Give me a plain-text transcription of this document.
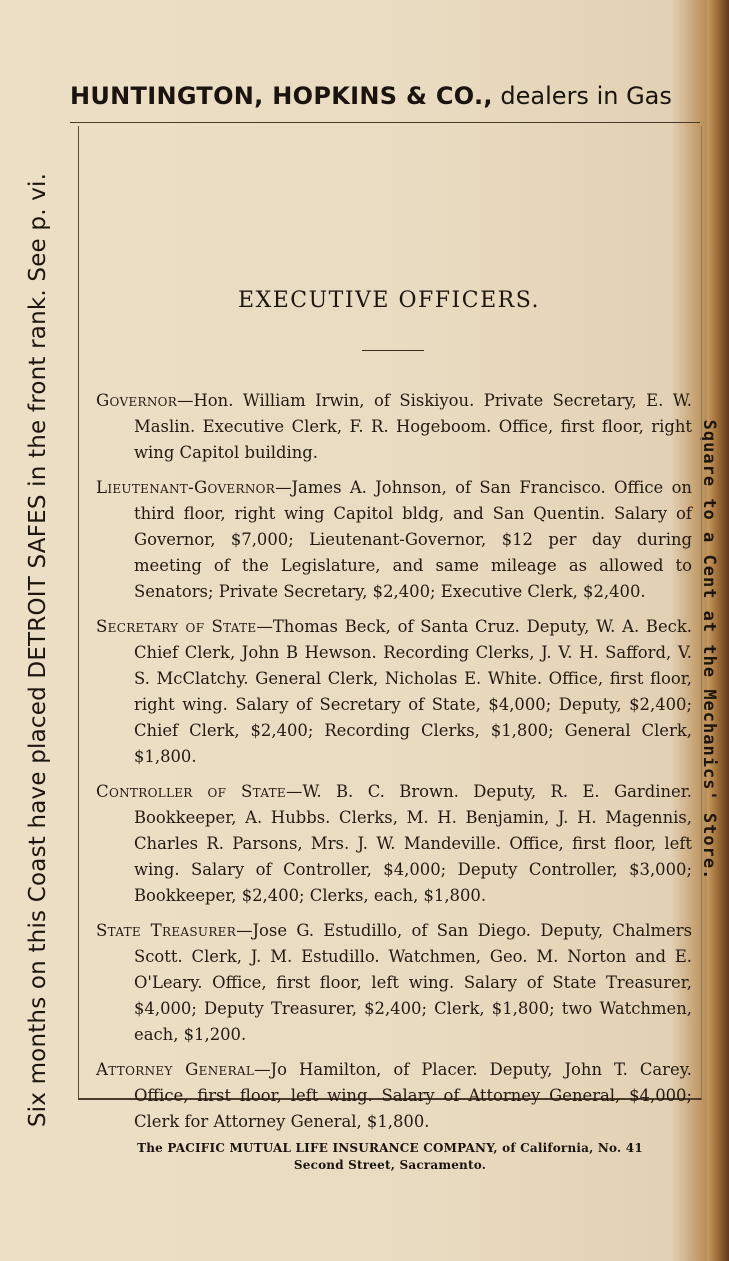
HUNTINGTON, HOPKINS & CO., dealers in Gas
Six months on this Coast have placed DETROIT SAFES in the front rank. See p. vi.	Square to a Cent at the Mechanics' Store.
EXECUTIVE OFFICERS.

Governor—Hon. William Irwin, of Siskiyou. Private Secretary, E. W. Maslin. Executive Clerk, F. R. Hogeboom. Office, first floor, right wing Capitol building.

Lieutenant-Governor—James A. Johnson, of San Francisco. Office on third floor, right wing Capitol bldg, and San Quentin. Salary of Governor, $7,000; Lieutenant-Governor, $12 per day during meeting of the Legislature, and same mileage as allowed to Senators; Private Secretary, $2,400; Executive Clerk, $2,400.

Secretary of State—Thomas Beck, of Santa Cruz. Deputy, W. A. Beck. Chief Clerk, John B Hewson. Recording Clerks, J. V. H. Safford, V. S. McClatchy. General Clerk, Nicholas E. White. Office, first floor, right wing. Salary of Secretary of State, $4,000; Deputy, $2,400; Chief Clerk, $2,400; Recording Clerks, $1,800; General Clerk, $1,800.

Controller of State—W. B. C. Brown. Deputy, R. E. Gardiner. Bookkeeper, A. Hubbs. Clerks, M. H. Benjamin, J. H. Magennis, Charles R. Parsons, Mrs. J. W. Mandeville. Office, first floor, left wing. Salary of Controller, $4,000; Deputy Controller, $3,000; Bookkeeper, $2,400; Clerks, each, $1,800.

State Treasurer—Jose G. Estudillo, of San Diego. Deputy, Chalmers Scott. Clerk, J. M. Estudillo. Watchmen, Geo. M. Norton and E. O'Leary. Office, first floor, left wing. Salary of State Treasurer, $4,000; Deputy Treasurer, $2,400; Clerk, $1,800; two Watchmen, each, $1,200.

Attorney General—Jo Hamilton, of Placer. Deputy, John T. Carey. Office, first floor, left wing. Salary of Attorney General, $4,000; Clerk for Attorney General, $1,800.

The PACIFIC MUTUAL LIFE INSURANCE COMPANY, of California, No. 41
Second Street, Sacramento.
